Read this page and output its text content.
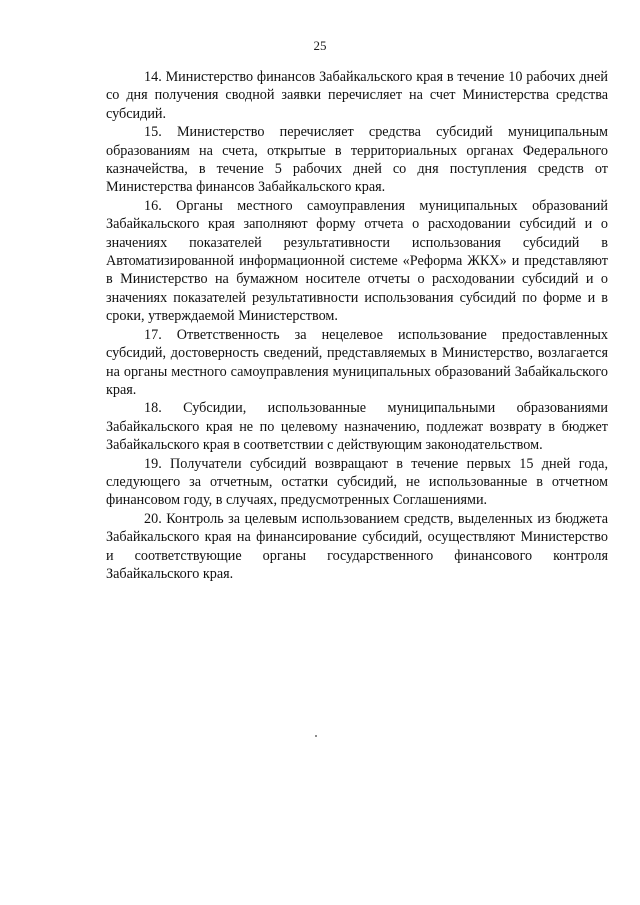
25

14. Министерство финансов Забайкальского края в течение 10 рабочих дней со дня получения сводной заявки перечисляет на счет Министерства средства субсидий.

15. Министерство перечисляет средства субсидий муниципальным образованиям на счета, открытые в территориальных органах Федерального казначейства, в течение 5 рабочих дней со дня поступления средств от Министерства финансов Забайкальского края.

16. Органы местного самоуправления муниципальных образований Забайкальского края заполняют форму отчета о расходовании субсидий и о значениях показателей результативности использования субсидий в Автоматизированной информационной системе «Реформа ЖКХ» и представляют в Министерство на бумажном носителе отчеты о расходовании субсидий и о значениях показателей результативности использования субсидий по форме и в сроки, утверждаемой Министерством.

17. Ответственность за нецелевое использование предоставленных субсидий, достоверность сведений, представляемых в Министерство, возлагается на органы местного самоуправления муниципальных образований Забайкальского края.

18. Субсидии, использованные муниципальными образованиями Забайкальского края не по целевому назначению, подлежат возврату в бюджет Забайкальского края в соответствии с действующим законодательством.

19. Получатели субсидий возвращают в течение первых 15 дней года, следующего за отчетным, остатки субсидий, не использованные в отчетном финансовом году, в случаях, предусмотренных Соглашениями.

20. Контроль за целевым использованием средств, выделенных из бюджета Забайкальского края на финансирование субсидий, осуществляют Министерство и соответствующие органы государственного финансового контроля Забайкальского края.
